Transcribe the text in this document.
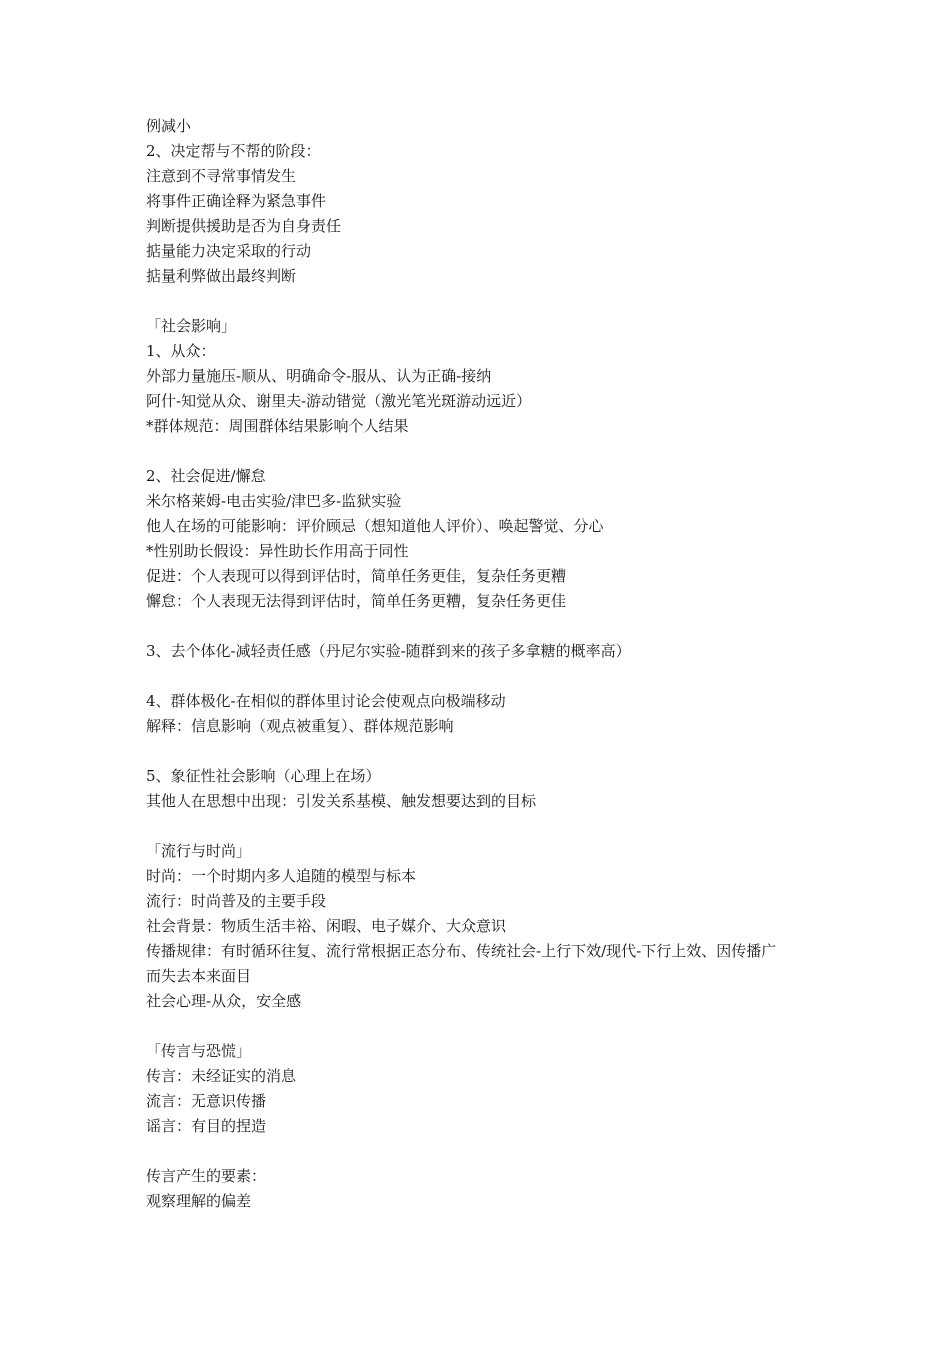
例减小

2、决定帮与不帮的阶段：

注意到不寻常事情发生

将事件正确诠释为紧急事件

判断提供援助是否为自身责任

掂量能力决定采取的行动

掂量利弊做出最终判断

「社会影响」

1、从众：

外部力量施压-顺从、明确命令-服从、认为正确-接纳

阿什-知觉从众、谢里夫-游动错觉（激光笔光斑游动远近）

*群体规范：周围群体结果影响个人结果

2、社会促进/懈怠

米尔格莱姆-电击实验/津巴多-监狱实验

他人在场的可能影响：评价顾忌（想知道他人评价）、唤起警觉、分心

*性别助长假设：异性助长作用高于同性

促进：个人表现可以得到评估时，简单任务更佳，复杂任务更糟

懈怠：个人表现无法得到评估时，简单任务更糟，复杂任务更佳

3、去个体化-减轻责任感（丹尼尔实验-随群到来的孩子多拿糖的概率高）

4、群体极化-在相似的群体里讨论会使观点向极端移动

解释：信息影响（观点被重复）、群体规范影响

5、象征性社会影响（心理上在场）

其他人在思想中出现：引发关系基模、触发想要达到的目标

「流行与时尚」

时尚：一个时期内多人追随的模型与标本

流行：时尚普及的主要手段

社会背景：物质生活丰裕、闲暇、电子媒介、大众意识

传播规律：有时循环往复、流行常根据正态分布、传统社会-上行下效/现代-下行上效、因传播广

而失去本来面目

社会心理-从众，安全感

「传言与恐慌」

传言：未经证实的消息

流言：无意识传播

谣言：有目的捏造

传言产生的要素：

观察理解的偏差
